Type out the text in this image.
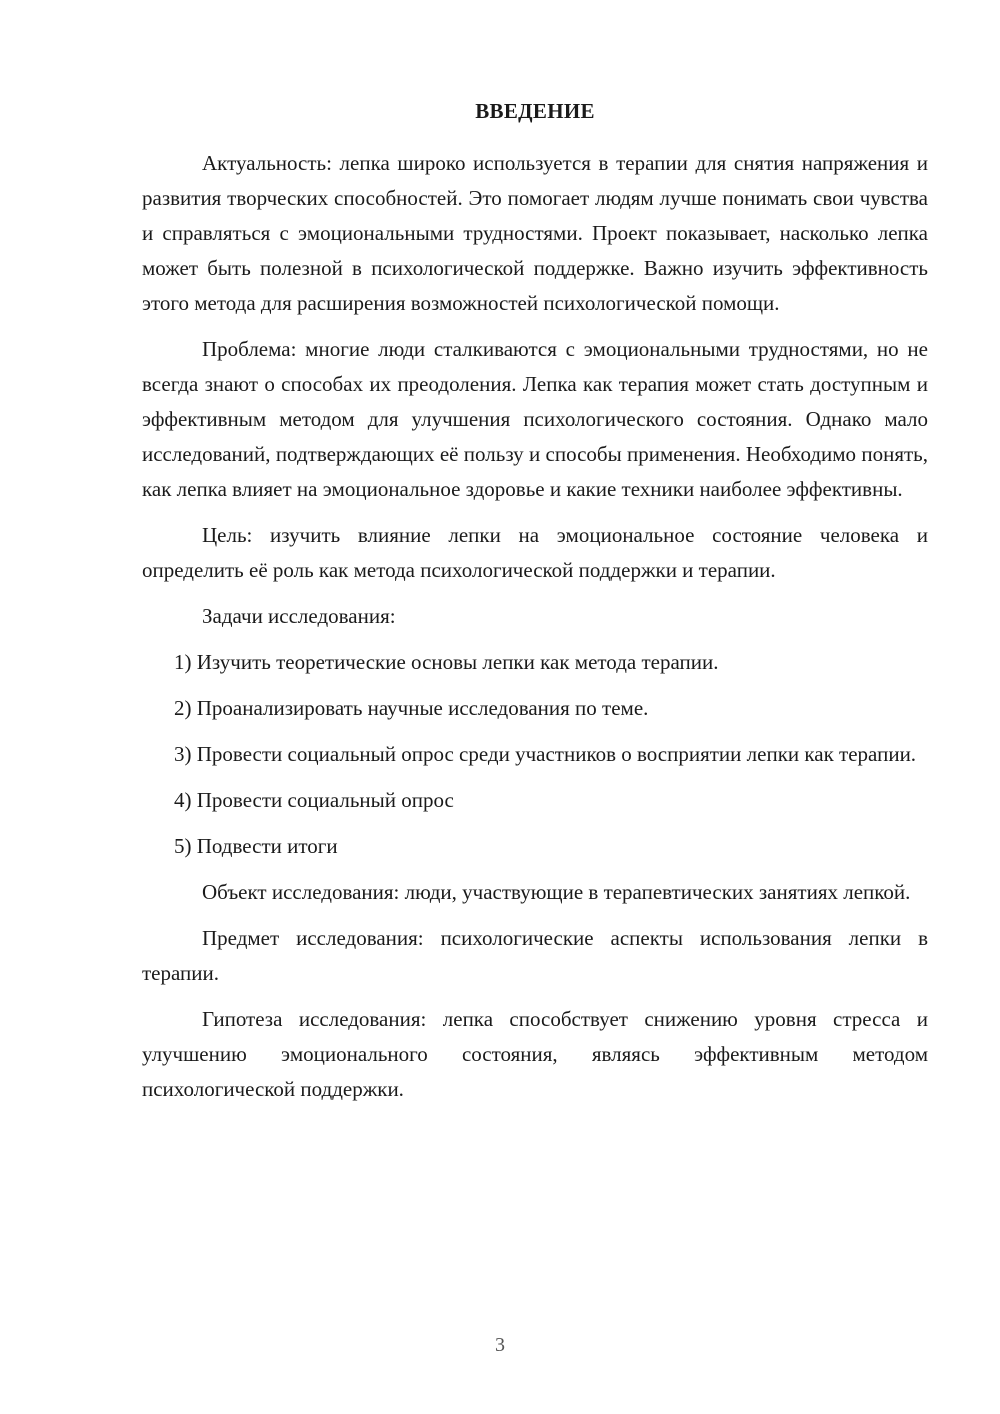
ВВЕДЕНИЕ

Актуальность: лепка широко используется в терапии для снятия напряжения и развития творческих способностей. Это помогает людям лучше понимать свои чувства и справляться с эмоциональными трудностями. Проект показывает, насколько лепка может быть полезной в психологической поддержке. Важно изучить эффективность этого метода для расширения возможностей психологической помощи.

Проблема: многие люди сталкиваются с эмоциональными трудностями, но не всегда знают о способах их преодоления. Лепка как терапия может стать доступным и эффективным методом для улучшения психологического состояния. Однако мало исследований, подтверждающих её пользу и способы применения. Необходимо понять, как лепка влияет на эмоциональное здоровье и какие техники наиболее эффективны.

Цель: изучить влияние лепки на эмоциональное состояние человека и определить её роль как метода психологической поддержки и терапии.

Задачи исследования:

1) Изучить теоретические основы лепки как метода терапии.

2) Проанализировать научные исследования по теме.

3) Провести социальный опрос среди участников о восприятии лепки как терапии.

4) Провести социальный опрос

5) Подвести итоги

Объект исследования: люди, участвующие в терапевтических занятиях лепкой.

Предмет исследования: психологические аспекты использования лепки в терапии.

Гипотеза исследования: лепка способствует снижению уровня стресса и улучшению эмоционального состояния, являясь эффективным методом психологической поддержки.

3
